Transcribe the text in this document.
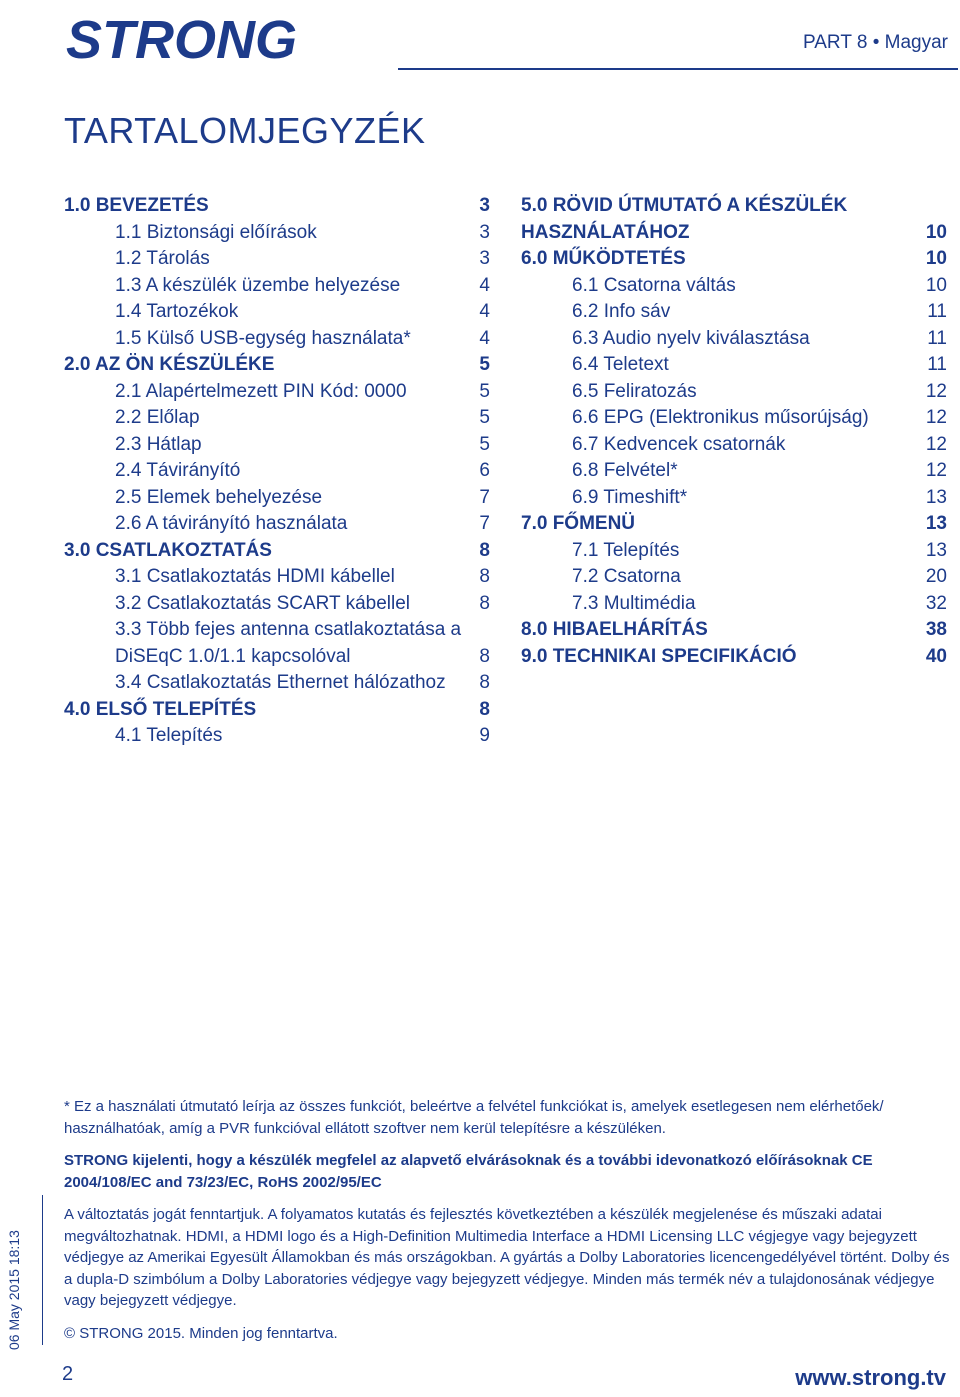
STRONG	PART 8 • Magyar
TARTALOMJEGYZÉK
1.0 BEVEZETÉS	3
1.1 Biztonsági előírások	3
1.2 Tárolás	3
1.3 A készülék üzembe helyezése	4
1.4 Tartozékok	4
1.5 Külső USB-egység használata*	4
2.0 AZ ÖN KÉSZÜLÉKE	5
2.1 Alapértelmezett PIN Kód: 0000	5
2.2 Előlap	5
2.3 Hátlap	5
2.4 Távirányító	6
2.5 Elemek behelyezése	7
2.6 A távirányító használata	7
3.0 CSATLAKOZTATÁS	8
3.1 Csatlakoztatás HDMI kábellel	8
3.2 Csatlakoztatás SCART kábellel	8
3.3 Több fejes antenna csatlakoztatása a
DiSEqC 1.0/1.1 kapcsolóval	8
3.4 Csatlakoztatás Ethernet hálózathoz	8
4.0 ELSŐ TELEPÍTÉS	8
4.1 Telepítés	9
5.0 RÖVID ÚTMUTATÓ A KÉSZÜLÉK
HASZNÁLATÁHOZ	10
6.0 MŰKÖDTETÉS	10
6.1 Csatorna váltás	10
6.2 Info sáv	11
6.3 Audio nyelv kiválasztása	11
6.4 Teletext	11
6.5 Feliratozás	12
6.6 EPG (Elektronikus műsorújság)	12
6.7 Kedvencek csatornák	12
6.8 Felvétel*	12
6.9 Timeshift*	13
7.0 FŐMENÜ	13
7.1 Telepítés	13
7.2 Csatorna	20
7.3 Multimédia	32
8.0 HIBAELHÁRÍTÁS	38
9.0 TECHNIKAI SPECIFIKÁCIÓ	40

* Ez a használati útmutató leírja az összes funkciót, beleértve a felvétel funkciókat is, amelyek esetlegesen nem elérhetőek/ használhatóak, amíg a PVR funkcióval ellátott szoftver nem kerül telepítésre a készüléken.

STRONG kijelenti, hogy a készülék megfelel az alapvető elvárásoknak és a további idevonatkozó előírásoknak CE 2004/108/EC and 73/23/EC, RoHS 2002/95/EC

A változtatás jogát fenntartjuk. A folyamatos kutatás és fejlesztés következtében a készülék megjelenése és műszaki adatai megváltozhatnak. HDMI, a HDMI logo és a High-Definition Multimedia Interface a HDMI Licensing LLC végjegye vagy bejegyzett védjegye az Amerikai Egyesült Államokban és más országokban. A gyártás a Dolby Laboratories licencengedélyével történt. Dolby és a dupla-D szimbólum a Dolby Laboratories védjegye vagy bejegyzett védjegye. Minden más termék név a tulajdonosának védjegye vagy bejegyzett védjegye.

© STRONG 2015. Minden jog fenntartva.

06 May 2015 18:13
2	www.strong.tv
